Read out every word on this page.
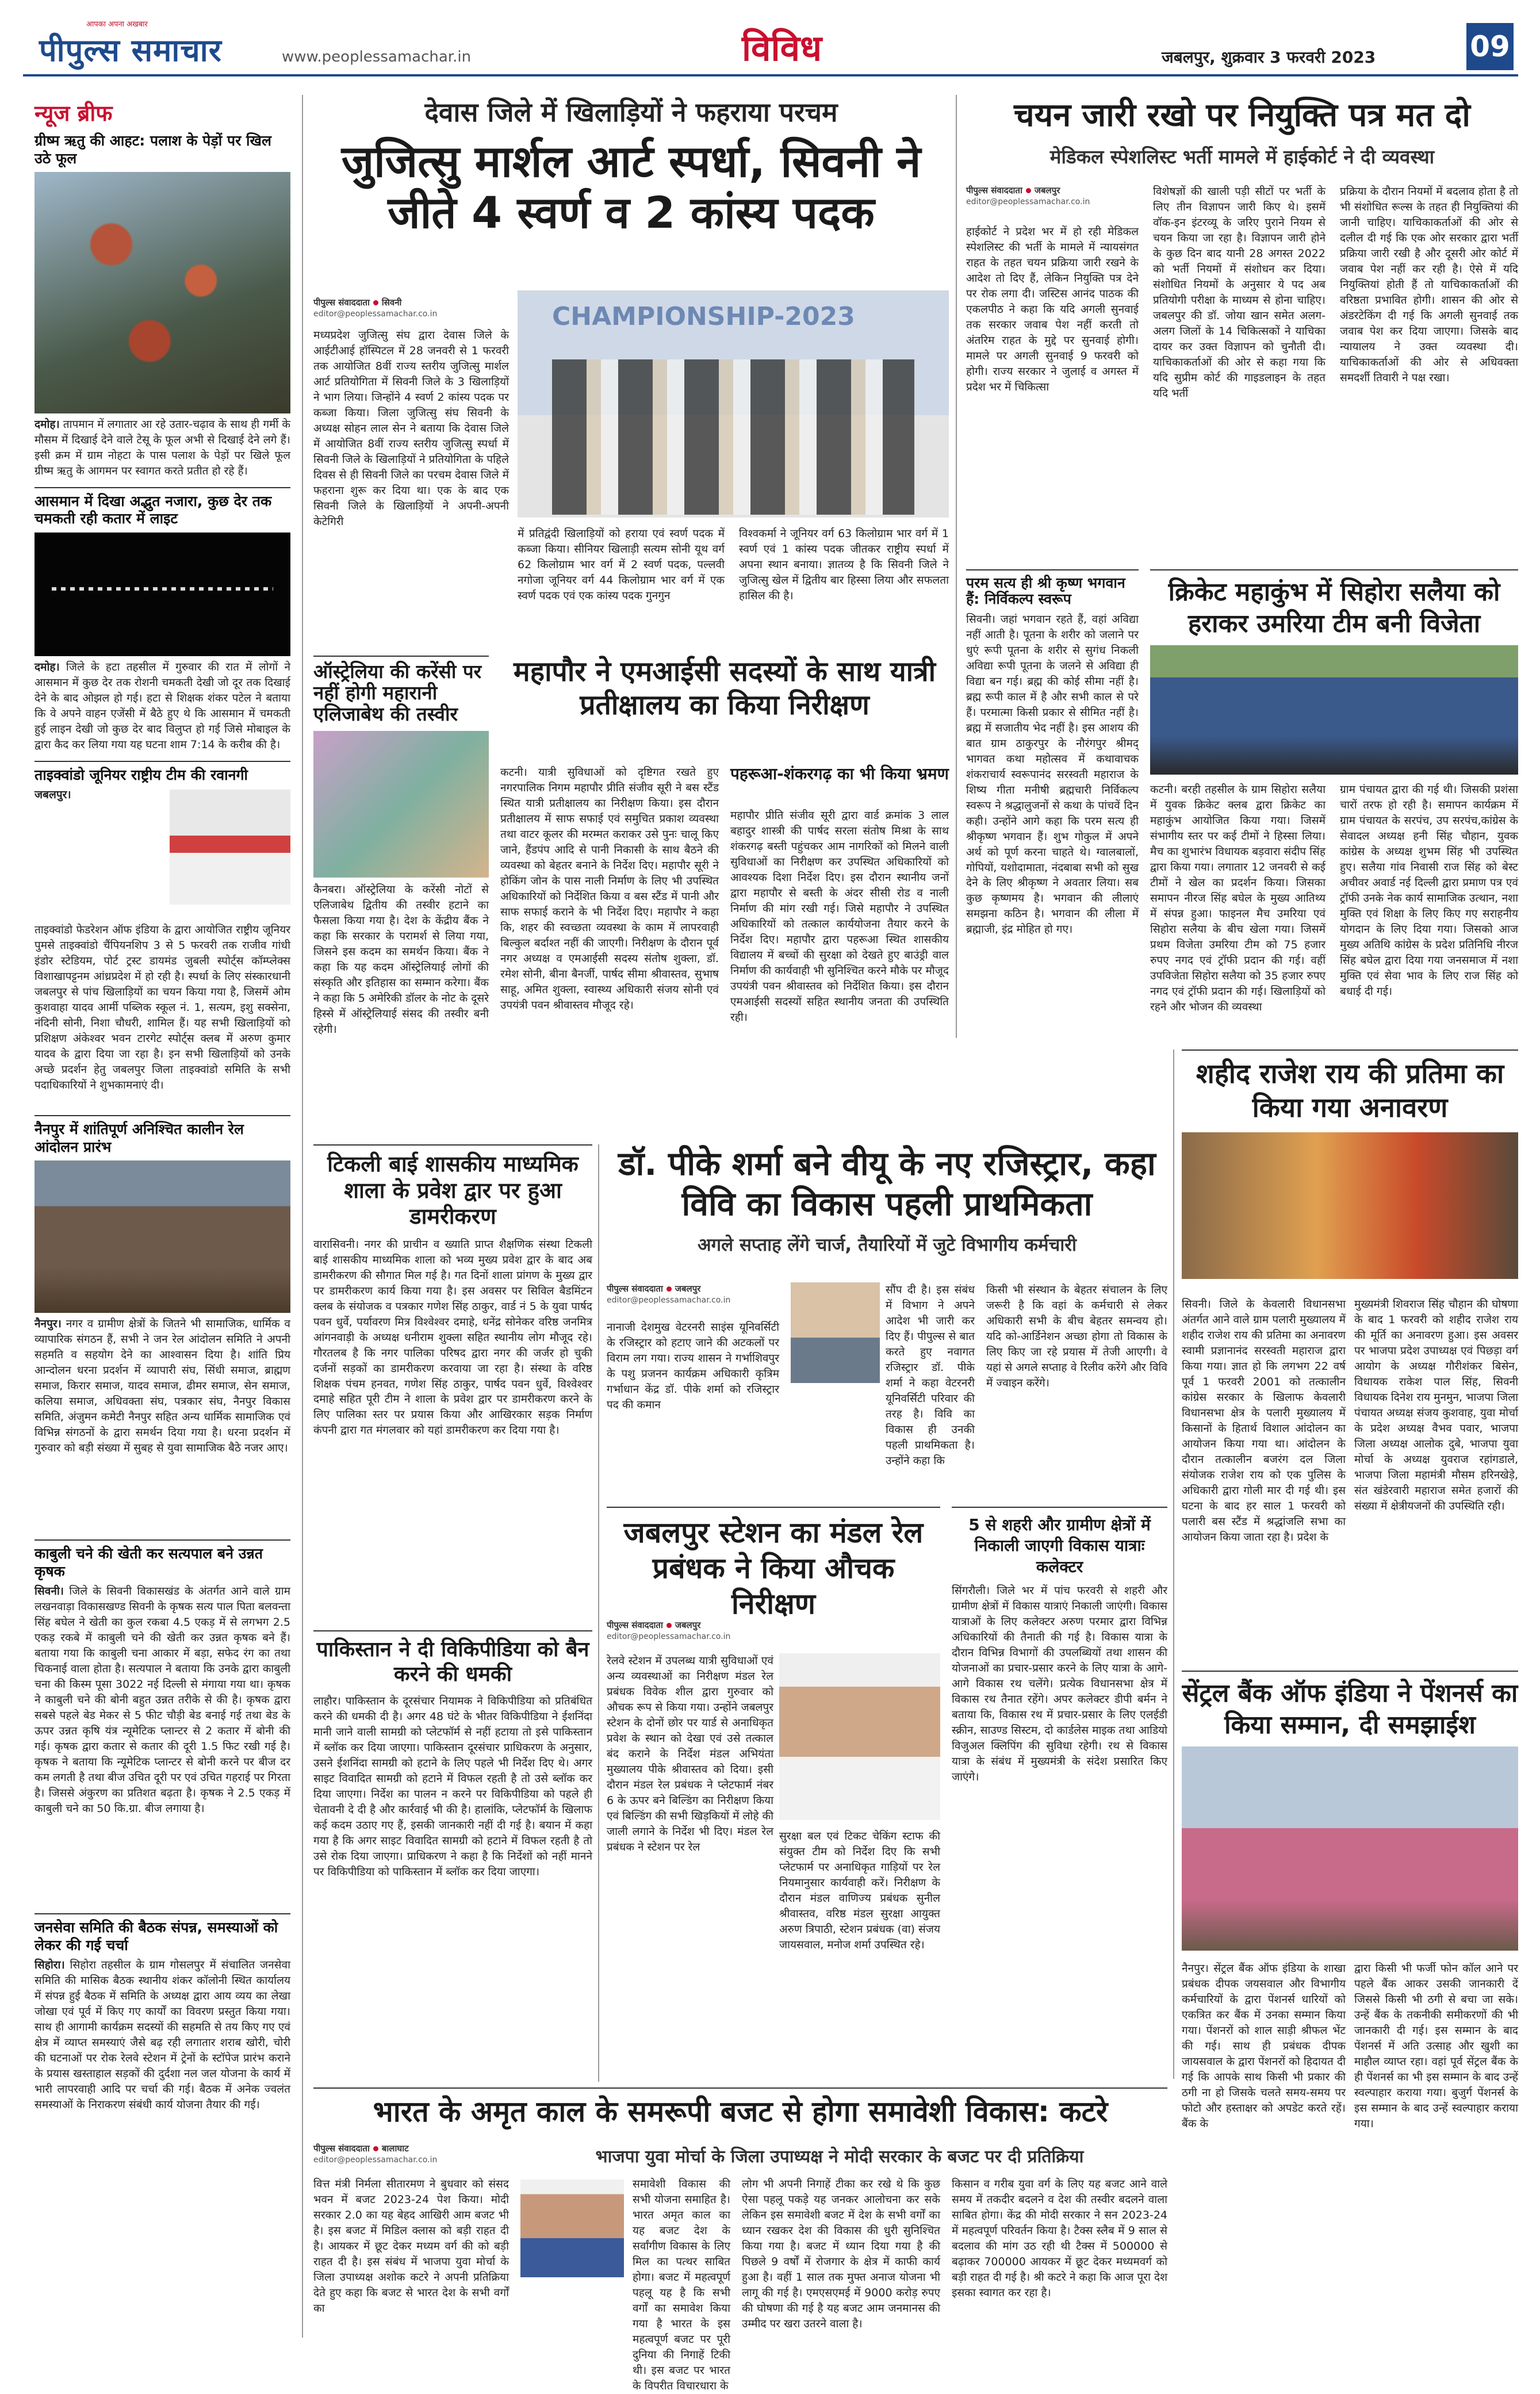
पीपुल्स समाचार
आपका अपना अखबार
www.peoplessamachar.in	विविध	जबलपुर, शुक्रवार 3 फरवरी 2023	09
न्यूज ब्रीफ
ग्रीष्म ऋतु की आहट: पलाश के पेड़ों पर खिल उठे फूल
दमोह। तापमान में लगातार आ रहे उतार-चढ़ाव के साथ ही गर्मी के मौसम में दिखाई देने वाले टेसू के फूल अभी से दिखाई देने लगे हैं। इसी क्रम में ग्राम नोहटा के पास पलाश के पेड़ों पर खिले फूल ग्रीष्म ऋतु के आगमन पर स्वागत करते प्रतीत हो रहे हैं।
आसमान में दिखा अद्भुत नजारा, कुछ देर तक चमकती रही कतार में लाइट
दमोह। जिले के हटा तहसील में गुरुवार की रात में लोगों ने आसमान में कुछ देर तक रोशनी चमकती देखी जो दूर तक दिखाई देने के बाद ओझल हो गई। हटा से शिक्षक शंकर पटेल ने बताया कि वे अपने वाहन एजेंसी में बैठे हुए थे कि आसमान में चमकती हुई लाइन देखी जो कुछ देर बाद विलुप्त हो गई जिसे मोबाइल के द्वारा कैद कर लिया गया यह घटना शाम 7:14 के करीब की है।
ताइक्वांडो जूनियर राष्ट्रीय टीम की रवानगी
जबलपुर।
ताइक्वांडो फेडरेशन ऑफ इंडिया के द्वारा आयोजित राष्ट्रीय जूनियर पुमसे ताइक्वांडो चैंपियनशिप 3 से 5 फरवरी तक राजीव गांधी इंडोर स्टेडियम, पोर्ट ट्रस्ट डायमंड जुबली स्पोर्ट्स कॉम्प्लेक्स विशाखापट्टनम आंध्रप्रदेश में हो रही है। स्पर्धा के लिए संस्कारधानी जबलपुर से पांच खिलाड़ियों का चयन किया गया है, जिसमें ओम कुशवाहा यादव आर्मी पब्लिक स्कूल नं. 1, सत्यम, इशु सक्सेना, नंदिनी सोनी, निशा चौधरी, शामिल हैं। यह सभी खिलाड़ियों को प्रशिक्षण अंकेश्वर भवन टारगेट स्पोर्ट्स क्लब में अरुण कुमार यादव के द्वारा दिया जा रहा है। इन सभी खिलाड़ियों को उनके अच्छे प्रदर्शन हेतु जबलपुर जिला ताइक्वांडो समिति के सभी पदाधिकारियों ने शुभकामनाएं दी।
नैनपुर में शांतिपूर्ण अनिश्चित कालीन रेल आंदोलन प्रारंभ
नैनपुर। नगर व ग्रामीण क्षेत्रों के जितने भी सामाजिक, धार्मिक व व्यापारिक संगठन हैं, सभी ने जन रेल आंदोलन समिति ने अपनी सहमति व सहयोग देने का आश्वासन दिया है। शांति प्रिय आन्दोलन धरना प्रदर्शन में व्यापारी संघ, सिंधी समाज, ब्राह्मण समाज, किरार समाज, यादव समाज, ढीमर समाज, सेन समाज, कलिया समाज, अधिवक्ता संघ, पत्रकार संघ, नैनपुर विकास समिति, अंजुमन कमेटी नैनपुर सहित अन्य धार्मिक सामाजिक एवं विभिन्न संगठनों के द्वारा समर्थन दिया गया है। धरना प्रदर्शन में गुरुवार को बड़ी संख्या में सुबह से युवा सामाजिक बैठे नजर आए।
काबुली चने की खेती कर सत्यपाल बने उन्नत कृषक
सिवनी। जिले के सिवनी विकासखंड के अंतर्गत आने वाले ग्राम लखनवाड़ा विकासखण्ड सिवनी के कृषक सत्य पाल पिता बलवन्ता सिंह बघेल ने खेती का कुल रकबा 4.5 एकड़ में से लगभग 2.5 एकड़ रकबे में काबुली चने की खेती कर उन्नत कृषक बने हैं। बताया गया कि काबुली चना आकार में बड़ा, सफेद रंग का तथा चिकनाई वाला होता है। सत्यपाल ने बताया कि उनके द्वारा काबुली चना की किस्म पूसा 3022 नई दिल्ली से मंगाया गया था। कृषक ने काबुली चने की बोनी बहुत उन्नत तरीके से की है। कृषक द्वारा सबसे पहले बेड मेकर से 5 फीट चौड़ी बेड बनाई गई तथा बेड के ऊपर उन्नत कृषि यंत्र न्यूमेटिक प्लान्टर से 2 कतार में बोनी की गई। कृषक द्वारा कतार से कतार की दूरी 1.5 फिट रखी गई है। कृषक ने बताया कि न्यूमेटिक प्लान्टर से बोनी करने पर बीज दर कम लगती है तथा बीज उचित दूरी पर एवं उचित गहराई पर गिरता है। जिससे अंकुरण का प्रतिशत बढ़ता है। कृषक ने 2.5 एकड़ में काबुली चने का 50 कि.ग्रा. बीज लगाया है।
जनसेवा समिति की बैठक संपन्न, समस्याओं को लेकर की गई चर्चा
सिहोरा। सिहोरा तहसील के ग्राम गोसलपुर में संचालित जनसेवा समिति की मासिक बैठक स्थानीय शंकर कॉलोनी स्थित कार्यालय में संपन्न हुई बैठक में समिति के अध्यक्ष द्वारा आय व्यय का लेखा जोखा एवं पूर्व में किए गए कार्यों का विवरण प्रस्तुत किया गया। साथ ही आगामी कार्यक्रम सदस्यों की सहमति से तय किए गए एवं क्षेत्र में व्याप्त समस्याएं जैसे बढ़ रही लगातार शराब खोरी, चोरी की घटनाओं पर रोक रेलवे स्टेशन में ट्रेनों के स्टॉपेज प्रारंभ कराने के प्रयास खस्ताहाल सड़कों की दुर्दशा नल जल योजना के कार्य में भारी लापरवाही आदि पर चर्चा की गई। बैठक में अनेक ज्वलंत समस्याओं के निराकरण संबंधी कार्य योजना तैयार की गई।
देवास जिले में खिलाड़ियों ने फहराया परचम
जुजित्सु मार्शल आर्ट स्पर्धा, सिवनी ने जीते 4 स्वर्ण व 2 कांस्य पदक
पीपुल्स संवाददाता सिवनी
editor@peoplessamachar.co.in
मध्यप्रदेश जुजित्सु संघ द्वारा देवास जिले के आईटीआई हॉस्पिटल में 28 जनवरी से 1 फरवरी तक आयोजित 8वीं राज्य स्तरीय जुजित्सु मार्शल आर्ट प्रतियोगिता में सिवनी जिले के 3 खिलाड़ियों ने भाग लिया। जिन्होंने 4 स्वर्ण 2 कांस्य पदक पर कब्जा किया। जिला जुजित्सु संघ सिवनी के अध्यक्ष सोहन लाल सेन ने बताया कि देवास जिले में आयोजित 8वीं राज्य स्तरीय जुजित्सु स्पर्धा में सिवनी जिले के खिलाड़ियों ने प्रतियोगिता के पहिले दिवस से ही सिवनी जिले का परचम देवास जिले में फहराना शुरू कर दिया था। एक के बाद एक सिवनी जिले के खिलाड़ियों ने अपनी-अपनी केटेगिरी
CHAMPIONSHIP-2023
में प्रतिद्वंदी खिलाड़ियों को हराया एवं स्वर्ण पदक में कब्जा किया। सीनियर खिलाड़ी सत्यम सोनी यूथ वर्ग 62 किलोग्राम भार वर्ग में 2 स्वर्ण पदक, पल्लवी नगोजा जूनियर वर्ग 44 किलोग्राम भार वर्ग में एक स्वर्ण पदक एवं एक कांस्य पदक गुनगुन
विश्वकर्मा ने जूनियर वर्ग 63 किलोग्राम भार वर्ग में 1 स्वर्ण एवं 1 कांस्य पदक जीतकर राष्ट्रीय स्पर्धा में अपना स्थान बनाया। ज्ञातव्य है कि सिवनी जिले ने जुजित्सु खेल में द्वितीय बार हिस्सा लिया और सफलता हासिल की है।
चयन जारी रखो पर नियुक्ति पत्र मत दो
मेडिकल स्पेशलिस्ट भर्ती मामले में हाईकोर्ट ने दी व्यवस्था
पीपुल्स संवाददाता जबलपुर
editor@peoplessamachar.co.in
हाईकोर्ट ने प्रदेश भर में हो रही मेडिकल स्पेशलिस्ट की भर्ती के मामले में न्यायसंगत राहत के तहत चयन प्रक्रिया जारी रखने के आदेश तो दिए हैं, लेकिन नियुक्ति पत्र देने पर रोक लगा दी। जस्टिस आनंद पाठक की एकलपीठ ने कहा कि यदि अगली सुनवाई तक सरकार जवाब पेश नहीं करती तो अंतरिम राहत के मुद्दे पर सुनवाई होगी। मामले पर अगली सुनवाई 9 फरवरी को होगी। राज्य सरकार ने जुलाई व अगस्त में प्रदेश भर में चिकित्सा
विशेषज्ञों की खाली पड़ी सीटों पर भर्ती के लिए तीन विज्ञापन जारी किए थे। इसमें वॉक-इन इंटरव्यू के जरिए पुराने नियम से चयन किया जा रहा है। विज्ञापन जारी होने के कुछ दिन बाद यानी 28 अगस्त 2022 को भर्ती नियमों में संशोधन कर दिया। संशोधित नियमों के अनुसार ये पद अब प्रतियोगी परीक्षा के माध्यम से होना चाहिए। जबलपुर की डॉ. जोया खान समेत अलग-अलग जिलों के 14 चिकित्सकों ने याचिका दायर कर उक्त विज्ञापन को चुनौती दी। याचिकाकर्ताओं की ओर से कहा गया कि यदि सुप्रीम कोर्ट की गाइडलाइन के तहत यदि भर्ती
प्रक्रिया के दौरान नियमों में बदलाव होता है तो भी संशोधित रूल्स के तहत ही नियुक्तियां की जानी चाहिए। याचिकाकर्ताओं की ओर से दलील दी गई कि एक ओर सरकार द्वारा भर्ती प्रक्रिया जारी रखी है और दूसरी ओर कोर्ट में जवाब पेश नहीं कर रही है। ऐसे में यदि नियुक्तियां होती हैं तो याचिकाकर्ताओं की वरिष्ठता प्रभावित होगी। शासन की ओर से अंडरटेकिंग दी गई कि अगली सुनवाई तक जवाब पेश कर दिया जाएगा। जिसके बाद न्यायालय ने उक्त व्यवस्था दी। याचिकाकर्ताओं की ओर से अधिवक्ता समदर्शी तिवारी ने पक्ष रखा।
ऑस्ट्रेलिया की करेंसी पर नहीं होगी महारानी एलिजाबेथ की तस्वीर
कैनबरा। ऑस्ट्रेलिया के करेंसी नोटों से एलिजाबेथ द्वितीय की तस्वीर हटाने का फैसला किया गया है। देश के केंद्रीय बैंक ने कहा कि सरकार के परामर्श से लिया गया, जिसने इस कदम का समर्थन किया। बैंक ने कहा कि यह कदम ऑस्ट्रेलियाई लोगों की संस्कृति और इतिहास का सम्मान करेगा। बैंक ने कहा कि 5 अमेरिकी डॉलर के नोट के दूसरे हिस्से में ऑस्ट्रेलियाई संसद की तस्वीर बनी रहेगी।
महापौर ने एमआईसी सदस्यों के साथ यात्री प्रतीक्षालय का किया निरीक्षण
कटनी। यात्री सुविधाओं को दृष्टिगत रखते हुए नगरपालिक निगम महापौर प्रीति संजीव सूरी ने बस स्टैंड स्थित यात्री प्रतीक्षालय का निरीक्षण किया। इस दौरान प्रतीक्षालय में साफ सफाई एवं समुचित प्रकाश व्यवस्था तथा वाटर कूलर की मरम्मत कराकर उसे पुनः चालू किए जाने, हैंडपंप आदि से पानी निकासी के साथ बैठने की व्यवस्था को बेहतर बनाने के निर्देश दिए। महापौर सूरी ने होकिंग जोन के पास नाली निर्माण के लिए भी उपस्थित अधिकारियों को निर्देशित किया व बस स्टैंड में पानी और साफ सफाई कराने के भी निर्देश दिए। महापौर ने कहा कि, शहर की स्वच्छता व्यवस्था के काम में लापरवाही बिल्कुल बर्दाश्त नहीं की जाएगी। निरीक्षण के दौरान पूर्व नगर अध्यक्ष व एमआईसी सदस्य संतोष शुक्ला, डॉ. रमेश सोनी, बीना बैनर्जी, पार्षद सीमा श्रीवास्तव, सुभाष साहू, अमित शुक्ला, स्वास्थ्य अधिकारी संजय सोनी एवं उपयंत्री पवन श्रीवास्तव मौजूद रहे।
पहरूआ-शंकरगढ़ का भी किया भ्रमण
महापौर प्रीति संजीव सूरी द्वारा वार्ड क्रमांक 3 लाल बहादुर शास्त्री की पार्षद सरला संतोष मिश्रा के साथ शंकरगढ़ बस्ती पहुंचकर आम नागरिकों को मिलने वाली सुविधाओं का निरीक्षण कर उपस्थित अधिकारियों को आवश्यक दिशा निर्देश दिए। इस दौरान स्थानीय जनों द्वारा महापौर से बस्ती के अंदर सीसी रोड व नाली निर्माण की मांग रखी गई। जिसे महापौर ने उपस्थित अधिकारियों को तत्काल कार्ययोजना तैयार करने के निर्देश दिए। महापौर द्वारा पहरूआ स्थित शासकीय विद्यालय में बच्चों की सुरक्षा को देखते हुए बाउंड्री वाल निर्माण की कार्यवाही भी सुनिश्चित करने मौके पर मौजूद उपयंत्री पवन श्रीवास्तव को निर्देशित किया। इस दौरान एमआईसी सदस्यों सहित स्थानीय जनता की उपस्थिति रही।
परम सत्य ही श्री कृष्ण भगवान हैं: निर्विकल्प स्वरूप
सिवनी। जहां भगवान रहते हैं, वहां अविद्या नहीं आती है। पूतना के शरीर को जलाने पर धुएं रूपी पूतना के शरीर से सुगंध निकली अविद्या रूपी पूतना के जलने से अविद्या ही विद्या बन गई। ब्रह्म की कोई सीमा नहीं है। ब्रह्म रूपी काल में है और सभी काल से परे हैं। परमात्मा किसी प्रकार से सीमित नहीं है। ब्रह्म में सजातीय भेद नहीं है। इस आशय की बात ग्राम ठाकुरपुर के नौरंगपुर श्रीमद् भागवत कथा महोत्सव में कथावाचक शंकराचार्य स्वरूपानंद सरस्वती महाराज के शिष्य गीता मनीषी ब्रह्मचारी निर्विकल्प स्वरूप ने श्रद्धालुजनों से कथा के पांचवें दिन कही। उन्होंने आगे कहा कि परम सत्य ही श्रीकृष्ण भगवान हैं। शुभ गोकुल में अपने अर्थ को पूर्ण करना चाहते थे। ग्वालबालों, गोपियों, यशोदामाता, नंदबाबा सभी को सुख देने के लिए श्रीकृष्ण ने अवतार लिया। सब कुछ कृष्णमय है। भगवान की लीलाएं समझना कठिन है। भगवान की लीला में ब्रह्माजी, इंद्र मोहित हो गए।
क्रिकेट महाकुंभ में सिहोरा सलैया को हराकर उमरिया टीम बनी विजेता
कटनी। बरही तहसील के ग्राम सिहोरा सलैया में युवक क्रिकेट क्लब द्वारा क्रिकेट का महाकुंभ आयोजित किया गया। जिसमें संभागीय स्तर पर कई टीमों ने हिस्सा लिया। मैच का शुभारंभ विधायक बड़वारा संदीप सिंह द्वारा किया गया। लगातार 12 जनवरी से कई टीमों ने खेल का प्रदर्शन किया। जिसका समापन नीरज सिंह बघेल के मुख्य आतिथ्य में संपन्न हुआ। फाइनल मैच उमरिया एवं सिहोरा सलैया के बीच खेला गया। जिसमें प्रथम विजेता उमरिया टीम को 75 हजार रुपए नगद एवं ट्रॉफी प्रदान की गई। वहीं उपविजेता सिहोरा सलैया को 35 हजार रुपए नगद एवं ट्रॉफी प्रदान की गई। खिलाड़ियों को रहने और भोजन की व्यवस्था
ग्राम पंचायत द्वारा की गई थी। जिसकी प्रशंसा चारों तरफ हो रही है। समापन कार्यक्रम में ग्राम पंचायत के सरपंच, उप सरपंच,कांग्रेस के सेवादल अध्यक्ष हनी सिंह चौहान, युवक कांग्रेस के अध्यक्ष शुभम सिंह भी उपस्थित हुए। सलैया गांव निवासी राज सिंह को बेस्ट अचीवर अवार्ड नई दिल्ली द्वारा प्रमाण पत्र एवं ट्रॉफी उनके नेक कार्य सामाजिक उत्थान, नशा मुक्ति एवं शिक्षा के लिए किए गए सराहनीय योगदान के लिए दिया गया। जिसको आज मुख्य अतिथि कांग्रेस के प्रदेश प्रतिनिधि नीरज सिंह बघेल द्वारा दिया गया जनसमाज में नशा मुक्ति एवं सेवा भाव के लिए राज सिंह को बधाई दी गई।
टिकली बाई शासकीय माध्यमिक शाला के प्रवेश द्वार पर हुआ डामरीकरण
वारासिवनी। नगर की प्राचीन व ख्याति प्राप्त शैक्षणिक संस्था टिकली बाई शासकीय माध्यमिक शाला को भव्य मुख्य प्रवेश द्वार के बाद अब डामरीकरण की सौगात मिल गई है। गत दिनों शाला प्रांगण के मुख्य द्वार पर डामरीकरण कार्य किया गया है। इस अवसर पर सिविल बैडमिंटन क्लब के संयोजक व पत्रकार गणेश सिंह ठाकुर, वार्ड नं 5 के युवा पार्षद पवन धुर्वे, पर्यावरण मित्र विश्वेश्वर दमाहे, धनेंद्र सोनेकर वरिष्ठ जनमित्र आंगनवाड़ी के अध्यक्ष धनीराम शुक्ला सहित स्थानीय लोग मौजूद रहे। गौरतलब है कि नगर पालिका परिषद द्वारा नगर की जर्जर हो चुकी दर्जनों सड़कों का डामरीकरण करवाया जा रहा है। संस्था के वरिष्ठ शिक्षक पंचम हनवत, गणेश सिंह ठाकुर, पार्षद पवन धुर्वे, विश्वेश्वर दमाहे सहित पूरी टीम ने शाला के प्रवेश द्वार पर डामरीकरण करने के लिए पालिका स्तर पर प्रयास किया और आखिरकार सड़क निर्माण कंपनी द्वारा गत मंगलवार को यहां डामरीकरण कर दिया गया है।
पाकिस्तान ने दी विकिपीडिया को बैन करने की धमकी
लाहौर। पाकिस्तान के दूरसंचार नियामक ने विकिपीडिया को प्रतिबंधित करने की धमकी दी है। अगर 48 घंटे के भीतर विकिपीडिया ने ईशनिंदा मानी जाने वाली सामग्री को प्लेटफॉर्म से नहीं हटाया तो इसे पाकिस्तान में ब्लॉक कर दिया जाएगा। पाकिस्तान दूरसंचार प्राधिकरण के अनुसार, उसने ईशनिंदा सामग्री को हटाने के लिए पहले भी निर्देश दिए थे। अगर साइट विवादित सामग्री को हटाने में विफल रहती है तो उसे ब्लॉक कर दिया जाएगा। निर्देश का पालन न करने पर विकिपीडिया को पहले ही चेतावनी दे दी है और कार्रवाई भी की है। हालांकि, प्लेटफॉर्म के खिलाफ कई कदम उठाए गए हैं, इसकी जानकारी नहीं दी गई है। बयान में कहा गया है कि अगर साइट विवादित सामग्री को हटाने में विफल रहती है तो उसे रोक दिया जाएगा। प्राधिकरण ने कहा है कि निर्देशों को नहीं मानने पर विकिपीडिया को पाकिस्तान में ब्लॉक कर दिया जाएगा।
डॉ. पीके शर्मा बने वीयू के नए रजिस्ट्रार, कहा विवि का विकास पहली प्राथमिकता
अगले सप्ताह लेंगे चार्ज, तैयारियों में जुटे विभागीय कर्मचारी
पीपुल्स संवाददाता जबलपुर
editor@peoplessamachar.co.in
नानाजी देशमुख वेटरनरी साइंस यूनिवर्सिटी के रजिस्ट्रार को हटाए जाने की अटकलों पर विराम लग गया। राज्य शासन ने गर्भाशिवपुर के पशु प्रजनन कार्यक्रम अधिकारी कृत्रिम गर्भाधान केंद्र डॉ. पीके शर्मा को रजिस्ट्रार पद की कमान
सौंप दी है। इस संबंध में विभाग ने अपने आदेश भी जारी कर दिए हैं। पीपुल्स से बात करते हुए नवागत रजिस्ट्रार डॉ. पीके शर्मा ने कहा वेटरनरी यूनिवर्सिटी परिवार की तरह है। विवि का विकास ही उनकी पहली प्राथमिकता है। उन्होंने कहा कि
किसी भी संस्थान के बेहतर संचालन के लिए जरूरी है कि वहां के कर्मचारी से लेकर अधिकारी सभी के बीच बेहतर समन्वय हो। यदि को-आर्डिनेशन अच्छा होगा तो विकास के लिए किए जा रहे प्रयास में तेजी आएगी। वे यहां से अगले सप्ताह वे रिलीव करेंगे और विवि में ज्वाइन करेंगे।
जबलपुर स्टेशन का मंडल रेल प्रबंधक ने किया औचक निरीक्षण
पीपुल्स संवाददाता जबलपुर
editor@peoplessamachar.co.in
रेलवे स्टेशन में उपलब्ध यात्री सुविधाओं एवं अन्य व्यवस्थाओं का निरीक्षण मंडल रेल प्रबंधक विवेक शील द्वारा गुरुवार को औचक रूप से किया गया। उन्होंने जबलपुर स्टेशन के दोनों छोर पर यार्ड से अनाधिकृत प्रवेश के स्थान को देखा एवं उसे तत्काल बंद कराने के निर्देश मंडल अभियंता मुख्यालय पीके श्रीवास्तव को दिया। इसी दौरान मंडल रेल प्रबंधक ने प्लेटफार्म नंबर 6 के ऊपर बने बिल्डिंग का निरीक्षण किया एवं बिल्डिंग की सभी खिड़कियों में लोहे की जाली लगाने के निर्देश भी दिए। मंडल रेल प्रबंधक ने स्टेशन पर रेल
सुरक्षा बल एवं टिकट चेकिंग स्टाफ की संयुक्त टीम को निर्देश दिए कि सभी प्लेटफार्म पर अनाधिकृत गाड़ियों पर रेल नियमानुसार कार्यवाही करें। निरीक्षण के दौरान मंडल वाणिज्य प्रबंधक सुनील श्रीवास्तव, वरिष्ठ मंडल सुरक्षा आयुक्त अरुण त्रिपाठी, स्टेशन प्रबंधक (वा) संजय जायसवाल, मनोज शर्मा उपस्थित रहे।
5 से शहरी और ग्रामीण क्षेत्रों में निकाली जाएगी विकास यात्राः कलेक्टर
सिंगरौली। जिले भर में पांच फरवरी से शहरी और ग्रामीण क्षेत्रों में विकास यात्राएं निकाली जाएंगी। विकास यात्राओं के लिए कलेक्टर अरुण परमार द्वारा विभिन्न अधिकारियों की तैनाती की गई है। विकास यात्रा के दौरान विभिन्न विभागों की उपलब्धियों तथा शासन की योजनाओं का प्रचार-प्रसार करने के लिए यात्रा के आगे-आगे विकास रथ चलेंगे। प्रत्येक विधानसभा क्षेत्र में विकास रथ तैनात रहेंगे। अपर कलेक्टर डीपी बर्मन ने बताया कि, विकास रथ में प्रचार-प्रसार के लिए एलईडी स्क्रीन, साउण्ड सिस्टम, दो कार्डलेस माइक तथा आडियो विजुअल क्लिपिंग की सुविधा रहेगी। रथ से विकास यात्रा के संबंध में मुख्यमंत्री के संदेश प्रसारित किए जाएंगे।
शहीद राजेश राय की प्रतिमा का किया गया अनावरण
सिवनी। जिले के केवलारी विधानसभा अंतर्गत आने वाले ग्राम पलारी मुख्यालय में शहीद राजेश राय की प्रतिमा का अनावरण स्वामी प्रज्ञानानंद सरस्वती महाराज द्वारा किया गया। ज्ञात हो कि लगभग 22 वर्ष पूर्व 1 फरवरी 2001 को तत्कालीन कांग्रेस सरकार के खिलाफ केवलारी विधानसभा क्षेत्र के पलारी मुख्यालय में किसानों के हितार्थ विशाल आंदोलन का आयोजन किया गया था। आंदोलन के दौरान तत्कालीन बजरंग दल जिला संयोजक राजेश राय को एक पुलिस के अधिकारी द्वारा गोली मार दी गई थी। इस घटना के बाद हर साल 1 फरवरी को पलारी बस स्टैंड में श्रद्धांजलि सभा का आयोजन किया जाता रहा है। प्रदेश के
मुख्यमंत्री शिवराज सिंह चौहान की घोषणा के बाद 1 फरवरी को शहीद राजेश राय की मूर्ति का अनावरण हुआ। इस अवसर पर भाजपा प्रदेश उपाध्यक्ष एवं पिछड़ा वर्ग आयोग के अध्यक्ष गौरीशंकर बिसेन, विधायक राकेश पाल सिंह, सिवनी विधायक दिनेश राय मुनमुन, भाजपा जिला पंचायत अध्यक्ष संजय कुशवाह, युवा मोर्चा के प्रदेश अध्यक्ष वैभव पवार, भाजपा जिला अध्यक्ष आलोक दुबे, भाजपा युवा मोर्चा के अध्यक्ष युवराज रहांगडाले, भाजपा जिला महामंत्री मौसम हरिनखेड़े, संत खंडेरवारी महाराज समेत हजारों की संख्या में क्षेत्रीयजनों की उपस्थिति रही।
सेंट्रल बैंक ऑफ इंडिया ने पेंशनर्स का किया सम्मान, दी समझाईश
नैनपुर। सेंट्रल बैंक ऑफ इंडिया के शाखा प्रबंधक दीपक जयसवाल और विभागीय कर्मचारियों के द्वारा पेंशनर्स धारियों को एकत्रित कर बैंक में उनका सम्मान किया गया। पेंशनरों को शाल साड़ी श्रीफल भेंट की गई। साथ ही प्रबंधक दीपक जायसवाल के द्वारा पेंशनरों को हिदायत दी गई कि आपके साथ किसी भी प्रकार की ठगी ना हो जिसके चलते समय-समय पर फोटो और हस्ताक्षर को अपडेट करते रहें। बैंक के
द्वारा किसी भी फर्जी फोन कॉल आने पर पहले बैंक आकर उसकी जानकारी दें जिससे किसी भी ठगी से बचा जा सके। उन्हें बैंक के तकनीकी समीकरणों की भी जानकारी दी गई। इस सम्मान के बाद पेंशनर्स में अति उत्साह और खुशी का माहौल व्याप्त रहा। वहां पूर्व सेंट्रल बैंक के ही पेंशनर्स का भी इस सम्मान के बाद उन्हें स्वल्पाहार कराया गया। बुजुर्ग पेंशनर्स के इस सम्मान के बाद उन्हें स्वल्पाहार कराया गया।
भारत के अमृत काल के समरूपी बजट से होगा समावेशी विकास: कटरे
पीपुल्स संवाददाता बालाघाट
editor@peoplessamachar.co.in	भाजपा युवा मोर्चा के जिला उपाध्यक्ष ने मोदी सरकार के बजट पर दी प्रतिक्रिया
वित्त मंत्री निर्मला सीतारमण ने बुधवार को संसद भवन में बजट 2023-24 पेश किया। मोदी सरकार 2.0 का यह बेहद आखिरी आम बजट भी है। इस बजट में मिडिल क्लास को बड़ी राहत दी है। आयकर में छूट देकर मध्यम वर्ग की को बड़ी राहत दी है। इस संबंध में भाजपा युवा मोर्चा के जिला उपाध्यक्ष अशोक कटरे ने अपनी प्रतिक्रिया देते हुए कहा कि बजट से भारत देश के सभी वर्गों का
समावेशी विकास की सभी योजना समाहित है। भारत अमृत काल का यह बजट देश के सर्वांगीण विकास के लिए मिल का पत्थर साबित होगा। बजट में महत्वपूर्ण पहलू यह है कि सभी वर्गों का समावेश किया गया है भारत के इस महत्वपूर्ण बजट पर पूरी दुनिया की निगाहें टिकी थी। इस बजट पर भारत के विपरीत विचारधारा के
लोग भी अपनी निगाहें टीका कर रखे थे कि कुछ ऐसा पहलू पकड़े यह जनकर आलोचना कर सके लेकिन इस समावेशी बजट में देश के सभी वर्गों का ध्यान रखकर देश की विकास की धुरी सुनिश्चित किया गया है। बजट में ध्यान दिया गया है की पिछले 9 वर्षों में रोजगार के क्षेत्र में काफी कार्य हुआ है। वहीं 1 साल तक मुफ्त अनाज योजना भी लागू की गई है। एमएसएमई में 9000 करोड़ रुपए की घोषणा की गई है यह बजट आम जनमानस की उम्मीद पर खरा उतरने वाला है।
किसान व गरीब युवा वर्ग के लिए यह बजट आने वाले समय में तकदीर बदलने व देश की तस्वीर बदलने वाला साबित होगा। केंद्र की मोदी सरकार ने सन 2023-24 में महत्वपूर्ण परिवर्तन किया है। टैक्स स्लैब में 9 साल से बदलाव की मांग उठ रही थी टैक्स में 500000 से बढ़ाकर 700000 आयकर में छूट देकर मध्यमवर्ग को बड़ी राहत दी गई है। श्री कटरे ने कहा कि आज पूरा देश इसका स्वागत कर रहा है।
